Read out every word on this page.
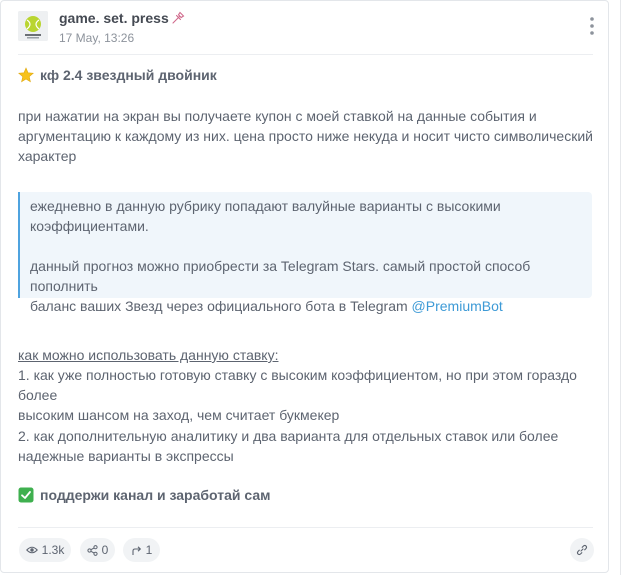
game. set. press
17 May, 13:26
кф 2.4 звездный двойник

при нажатии на экран вы получаете купон с моей ставкой на данные события и

аргументацию к каждому из них. цена просто ниже некуда и носит чисто символический

характер

ежедневно в данную рубрику попадают валуйные варианты с высокими

коэффициентами.

данный прогноз можно приобрести за Telegram Stars. самый простой способ пополнить

баланс ваших Звезд через официального бота в Telegram @PremiumBot

как можно использовать данную ставку:

1. как уже полностью готовую ставку с высоким коэффициентом, но при этом гораздо более

высоким шансом на заход, чем считает букмекер

2. как дополнительную аналитику и два варианта для отдельных ставок или более

надежные варианты в экспрессы

поддержи канал и заработай сам
1.3k	0	1
